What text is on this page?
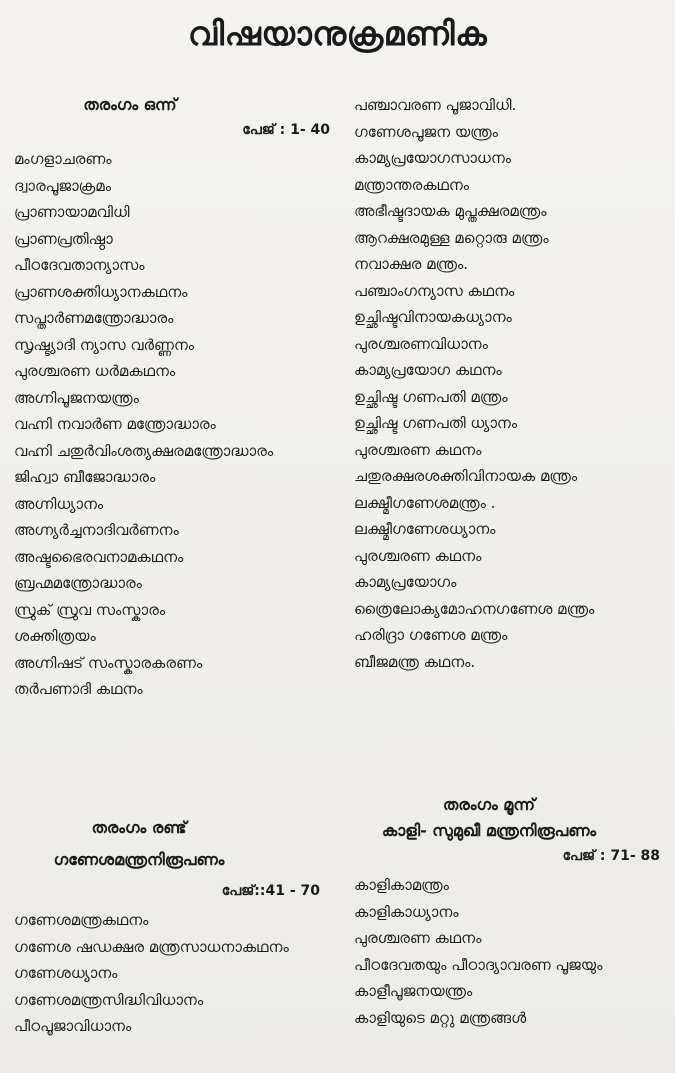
വിഷയാനുക്രമണിക
തരംഗം ഒന്ന്
പേജ് : 1- 40
മംഗളാചരണം
ദ്വാരപൂജാക്രമം
പ്രാണായാമവിധി
പ്രാണപ്രതിഷ്ഠാ
പീഠദേവതാന്യാസം
പ്രാണശക്തിധ്യാനകഥനം
സപ്താർണമന്ത്രോദ്ധാരം
സൃഷ്ട്യാദി ന്യാസ വർണ്ണനം
പുരശ്ചരണ ധർമകഥനം
അഗ്നിപൂജനയന്ത്രം
വഹ്നി നവാർണ മന്ത്രോദ്ധാരം
വഹ്നി ചതുർവിംശത്യക്ഷരമന്ത്രോദ്ധാരം
ജിഹ്വാ ബീജോദ്ധാരം
അഗ്നിധ്യാനം
അഗ്ന്യർച്ചനാദിവർണനം
അഷ്ടഭൈരവനാമകഥനം
ബ്രഹ്മമന്ത്രോദ്ധാരം
സ്രുക് സ്രുവ സംസ്കാരം
ശക്തിത്രയം
അഗ്നിഷട് സംസ്കാരകരണം
തർപണാദി കഥനം
തരംഗം രണ്ട്
ഗണേശമന്ത്രനിരൂപണം
പേജ്::41 - 70
ഗണേശമന്ത്രകഥനം
ഗണേശ ഷഡക്ഷര മന്ത്രസാധനാകഥനം
ഗണേശധ്യാനം
ഗണേശമന്ത്രസിദ്ധിവിധാനം
പീഠപൂജാവിധാനം
പഞ്ചാവരണ പൂജാവിധി.
ഗണേശപൂജന യന്ത്രം
കാമ്യപ്രയോഗസാധനം
മന്ത്രാന്തരകഥനം
അഭീഷ്ടദായക മുപ്തക്ഷരമന്ത്രം
ആറക്ഷരമുള്ള മറ്റൊരു മന്ത്രം
നവാക്ഷര മന്ത്രം.
പഞ്ചാംഗന്യാസ കഥനം
ഉച്ഛിഷ്ടവിനായകധ്യാനം
പുരശ്ചരണവിധാനം
കാമ്യപ്രയോഗ കഥനം
ഉച്ഛിഷ്ട ഗണപതി മന്ത്രം
ഉച്ഛിഷ്ട ഗണപതി ധ്യാനം
പുരശ്ചരണ കഥനം
ചതുരക്ഷരശക്തിവിനായക മന്ത്രം
ലക്ഷ്മീഗണേശമന്ത്രം .
ലക്ഷ്മീഗണേശധ്യാനം
പുരശ്ചരണ കഥനം
കാമ്യപ്രയോഗം
ത്രൈലോക്യമോഹനഗണേശ മന്ത്രം
ഹരിദ്രാ ഗണേശ മന്ത്രം
ബീജമന്ത്ര കഥനം.
തരംഗം മൂന്ന്
കാളി- സുമുഖീ മന്ത്രനിരൂപണം
പേജ് : 71- 88
കാളികാമന്ത്രം
കാളികാധ്യാനം
പുരശ്ചരണ കഥനം
പീഠദേവതയും പീഠാദ്യാവരണ പൂജയും
കാളീപൂജനയന്ത്രം
കാളിയുടെ മറ്റു മന്ത്രങ്ങൾ
